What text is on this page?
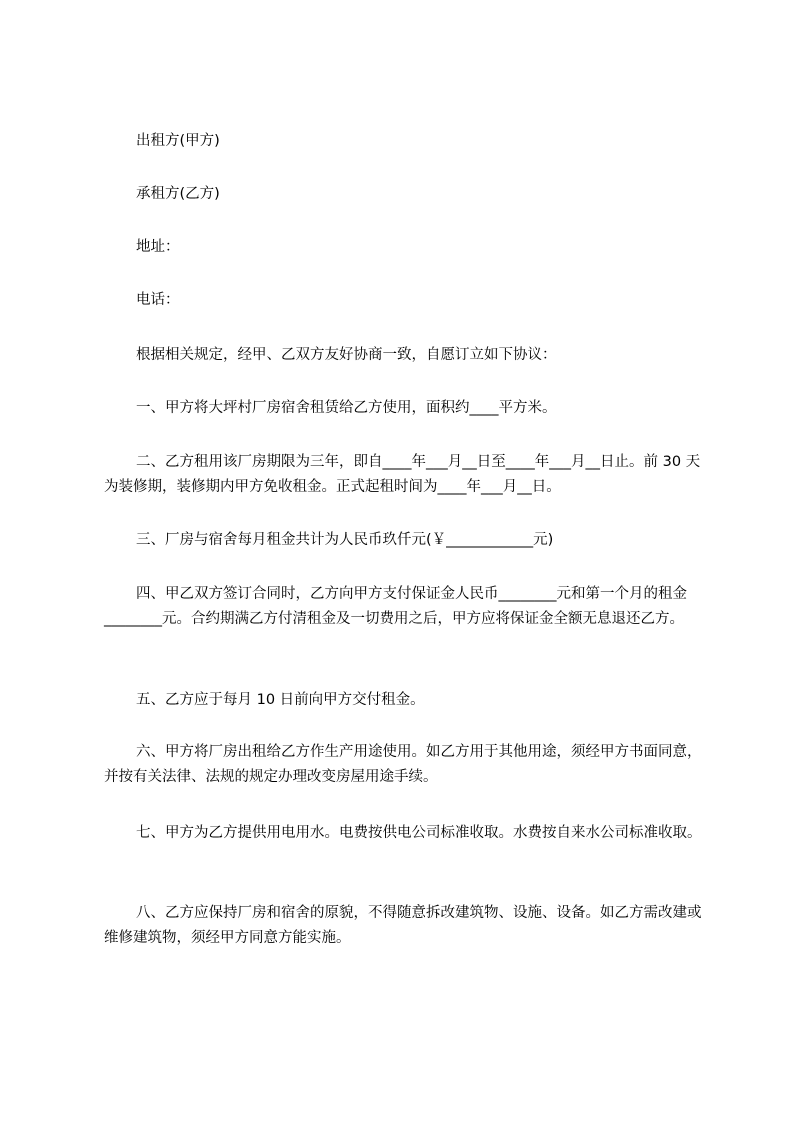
出租方(甲方)

承租方(乙方)

地址：

电话：

根据相关规定，经甲、乙双方友好协商一致，自愿订立如下协议：

一、甲方将大坪村厂房宿舍租赁给乙方使用，面积约____平方米。

二、乙方租用该厂房期限为三年，即自____年___月__日至____年___月__日止。前 30 天为装修期，装修期内甲方免收租金。正式起租时间为____年___月__日。

三、厂房与宿舍每月租金共计为人民币玖仟元(￥____________元)

四、甲乙双方签订合同时，乙方向甲方支付保证金人民币________元和第一个月的租金________元。合约期满乙方付清租金及一切费用之后，甲方应将保证金全额无息退还乙方。

五、乙方应于每月 10 日前向甲方交付租金。

六、甲方将厂房出租给乙方作生产用途使用。如乙方用于其他用途，须经甲方书面同意，并按有关法律、法规的规定办理改变房屋用途手续。

七、甲方为乙方提供用电用水。电费按供电公司标准收取。水费按自来水公司标准收取。

八、乙方应保持厂房和宿舍的原貌，不得随意拆改建筑物、设施、设备。如乙方需改建或维修建筑物，须经甲方同意方能实施。
